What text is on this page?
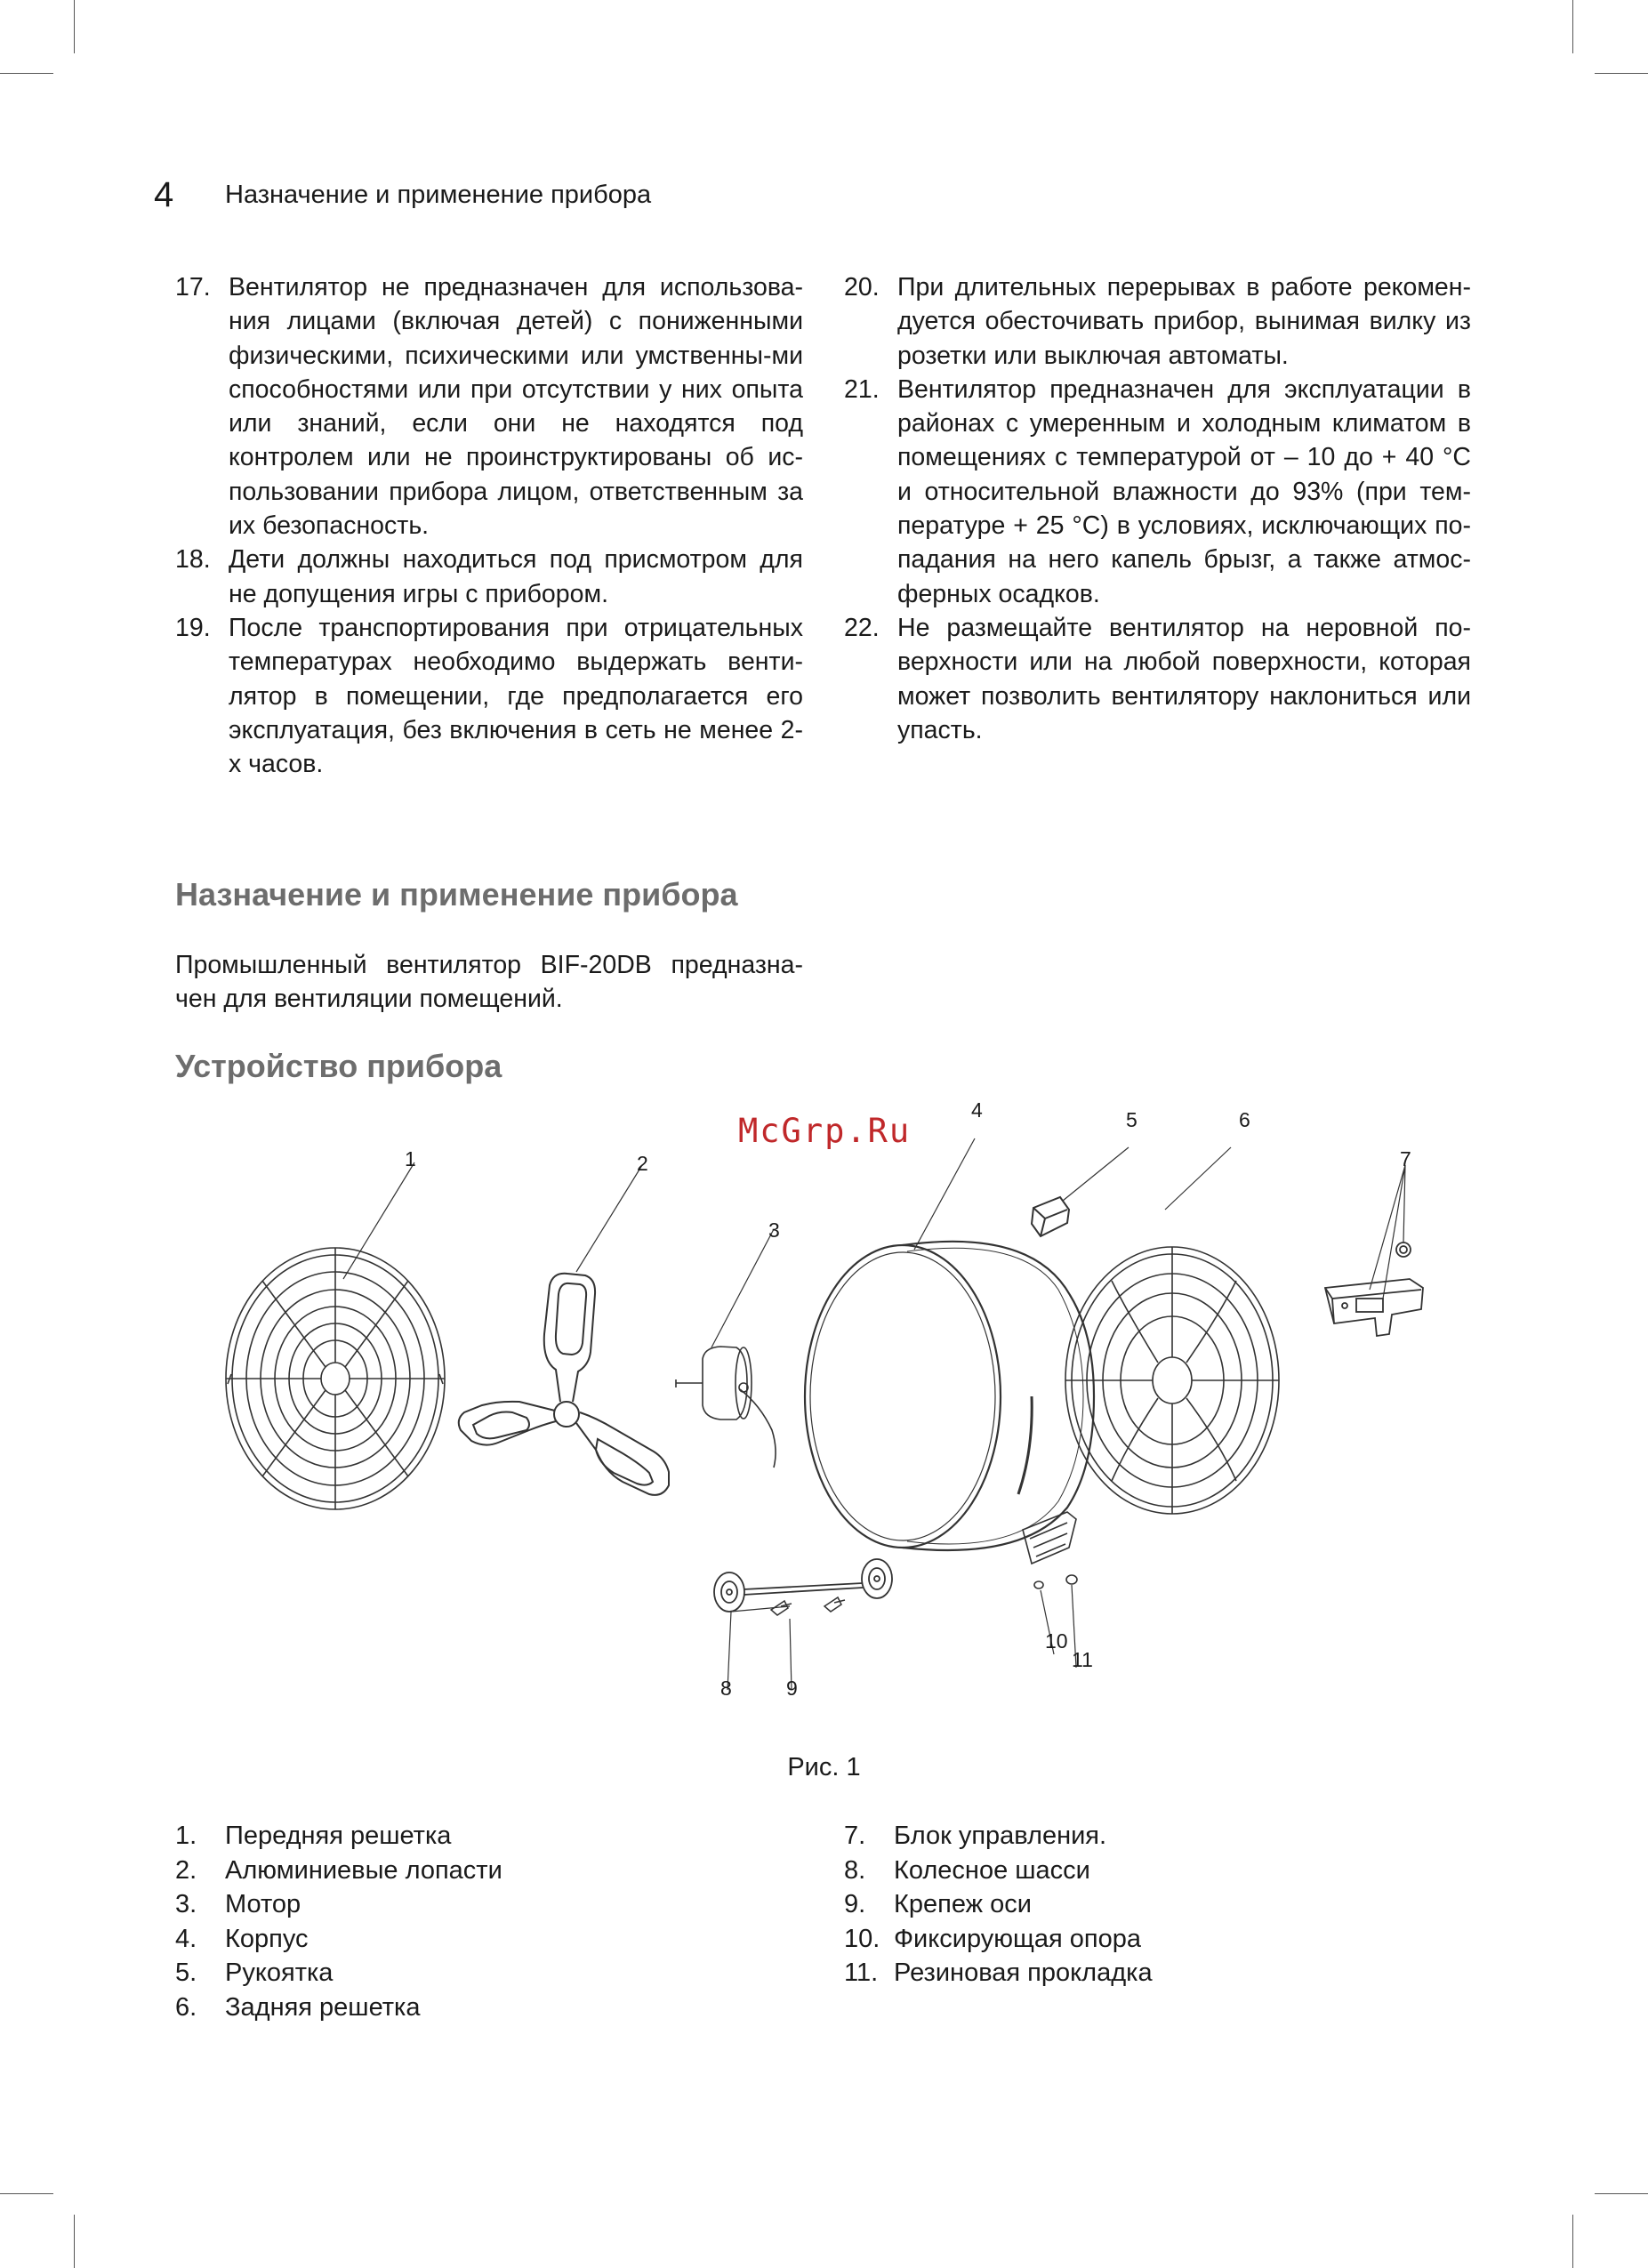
4 Назначение и применение прибора
17. Вентилятор не предназначен для использова-ния лицами (включая детей) с пониженными физическими, психическими или умственны-ми способностями или при отсутствии у них опыта или знаний, если они не находятся под контролем или не проинструктированы об ис-пользовании прибора лицом, ответственным за их безопасность.
18. Дети должны находиться под присмотром для не допущения игры с прибором.
19. После транспортирования при отрицательных температурах необходимо выдержать венти-лятор в помещении, где предполагается его эксплуатация, без включения в сеть не менее 2-х часов.
20. При длительных перерывах в работе рекомен-дуется обесточивать прибор, вынимая вилку из розетки или выключая автоматы.
21. Вентилятор предназначен для эксплуатации в районах с умеренным и холодным климатом в помещениях с температурой от – 10 до + 40 °С и относительной влажности до 93% (при тем-пературе + 25 °С) в условиях, исключающих по-падания на него капель брызг, а также атмос-ферных осадков.
22. Не размещайте вентилятор на неровной по-верхности или на любой поверхности, которая может позволить вентилятору наклониться или упасть.
Назначение и применение прибора
Промышленный вентилятор BIF-20DB предназна-чен для вентиляции помещений.
Устройство прибора
McGrp.Ru
1	2
3
4	5	6
7
8	9
10
11
Рис. 1
1. Передняя решетка
2. Алюминиевые лопасти
3. Мотор
4. Корпус
5. Рукоятка
6. Задняя решетка
7. Блок управления.
8. Колесное шасси
9. Крепеж оси
10. Фиксирующая опора
11. Резиновая прокладка
